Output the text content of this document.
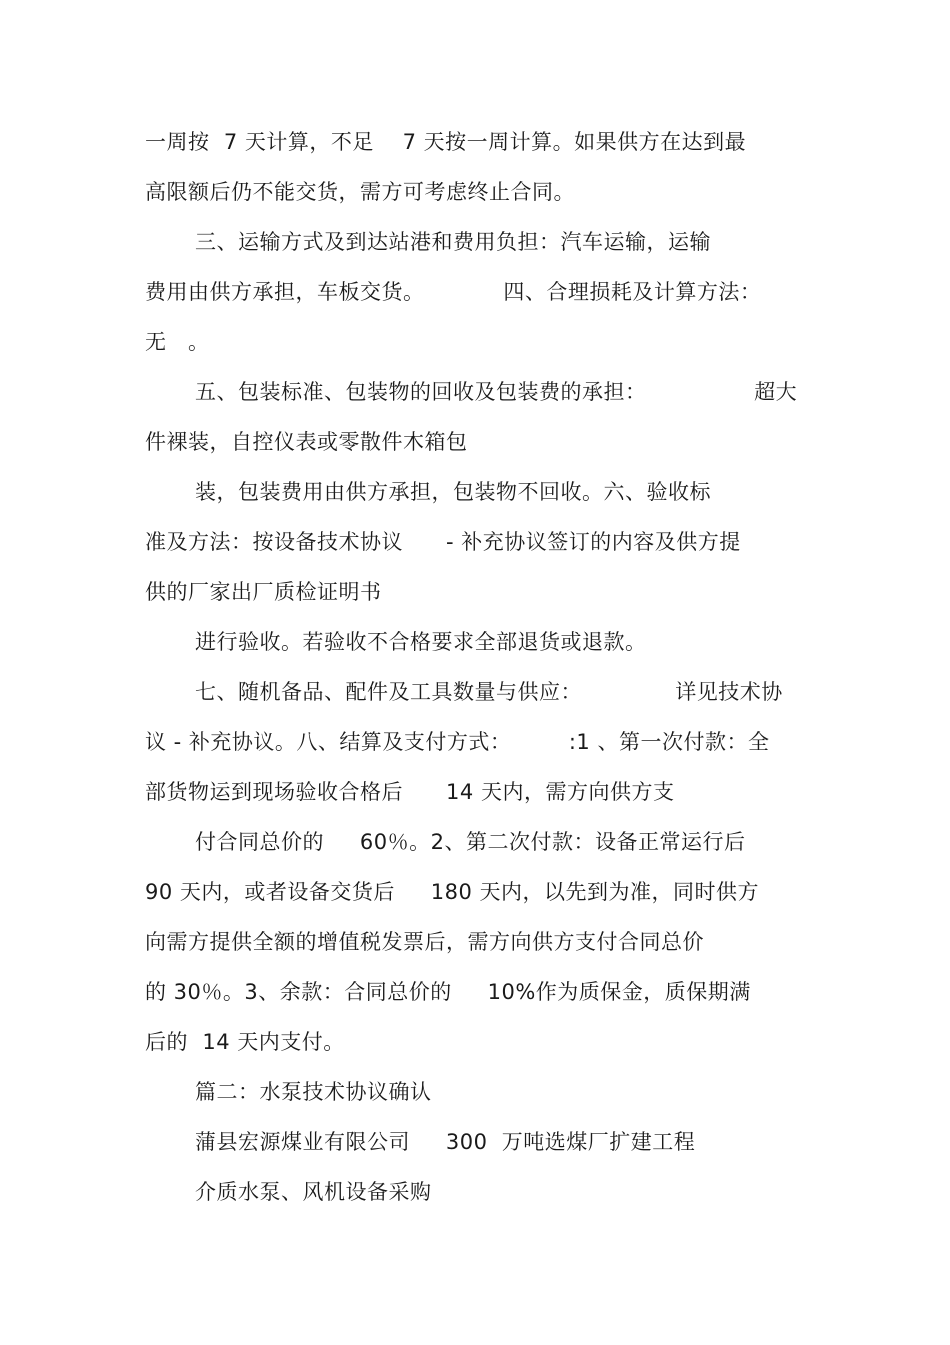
一周按  7 天计算，不足    7 天按一周计算。如果供方在达到最
高限额后仍不能交货，需方可考虑终止合同。
三、运输方式及到达站港和费用负担：汽车运输，运输
费用由供方承担，车板交货。           四、合理损耗及计算方法：
无   。
五、包装标准、包装物的回收及包装费的承担：               超大
件裸装，自控仪表或零散件木箱包
装，包装费用由供方承担，包装物不回收。六、验收标
准及方法：按设备技术协议      - 补充协议签订的内容及供方提
供的厂家出厂质检证明书
进行验收。若验收不合格要求全部退货或退款。
七、随机备品、配件及工具数量与供应：             详见技术协
议 - 补充协议。八、结算及支付方式：        :1 、第一次付款：全
部货物运到现场验收合格后      14 天内，需方向供方支
付合同总价的     60％。2、第二次付款：设备正常运行后
90 天内，或者设备交货后     180 天内，以先到为准，同时供方
向需方提供全额的增值税发票后，需方向供方支付合同总价
的 30％。3、余款：合同总价的     10%作为质保金，质保期满
后的  14 天内支付。
篇二：水泵技术协议确认
蒲县宏源煤业有限公司     300  万吨选煤厂扩建工程
介质水泵、风机设备采购
